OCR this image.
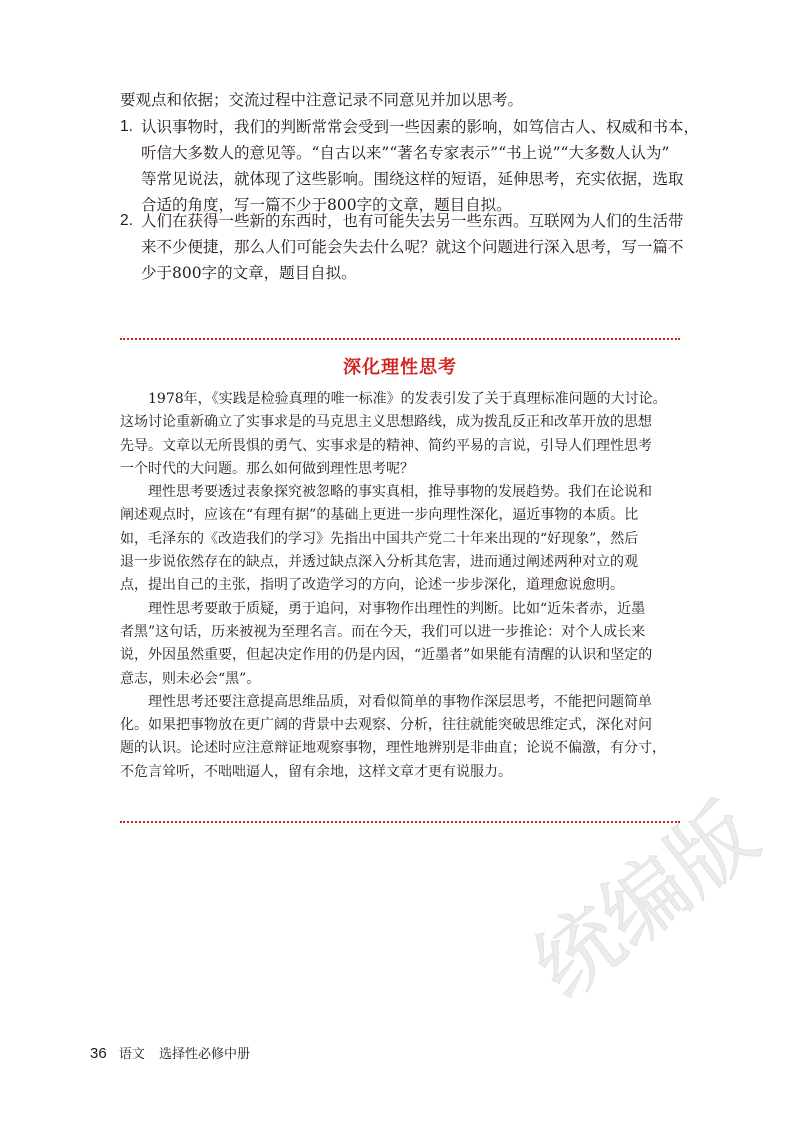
要观点和依据；交流过程中注意记录不同意见并加以思考。
1. 认识事物时，我们的判断常常会受到一些因素的影响，如笃信古人、权威和书本，
听信大多数人的意见等。“自古以来”“著名专家表示”“书上说”“大多数人认为”
等常见说法，就体现了这些影响。围绕这样的短语，延伸思考，充实依据，选取
合适的角度，写一篇不少于800字的文章，题目自拟。
2. 人们在获得一些新的东西时，也有可能失去另一些东西。互联网为人们的生活带
来不少便捷，那么人们可能会失去什么呢？就这个问题进行深入思考，写一篇不
少于800字的文章，题目自拟。
深化理性思考

1978年，《实践是检验真理的唯一标准》的发表引发了关于真理标准问题的大讨论。
这场讨论重新确立了实事求是的马克思主义思想路线，成为拨乱反正和改革开放的思想
先导。文章以无所畏惧的勇气、实事求是的精神、简约平易的言说，引导人们理性思考
一个时代的大问题。那么如何做到理性思考呢？

理性思考要透过表象探究被忽略的事实真相，推导事物的发展趋势。我们在论说和
阐述观点时，应该在“有理有据”的基础上更进一步向理性深化，逼近事物的本质。比
如，毛泽东的《改造我们的学习》先指出中国共产党二十年来出现的“好现象”，然后
退一步说依然存在的缺点，并透过缺点深入分析其危害，进而通过阐述两种对立的观
点，提出自己的主张，指明了改造学习的方向，论述一步步深化，道理愈说愈明。

理性思考要敢于质疑，勇于追问，对事物作出理性的判断。比如“近朱者赤，近墨
者黑”这句话，历来被视为至理名言。而在今天，我们可以进一步推论：对个人成长来
说，外因虽然重要，但起决定作用的仍是内因，“近墨者”如果能有清醒的认识和坚定的
意志，则未必会“黑”。

理性思考还要注意提高思维品质，对看似简单的事物作深层思考，不能把问题简单
化。如果把事物放在更广阔的背景中去观察、分析，往往就能突破思维定式，深化对问
题的认识。论述时应注意辩证地观察事物，理性地辨别是非曲直；论说不偏激，有分寸，
不危言耸听，不咄咄逼人，留有余地，这样文章才更有说服力。

统编版
36 语文 选择性必修中册
